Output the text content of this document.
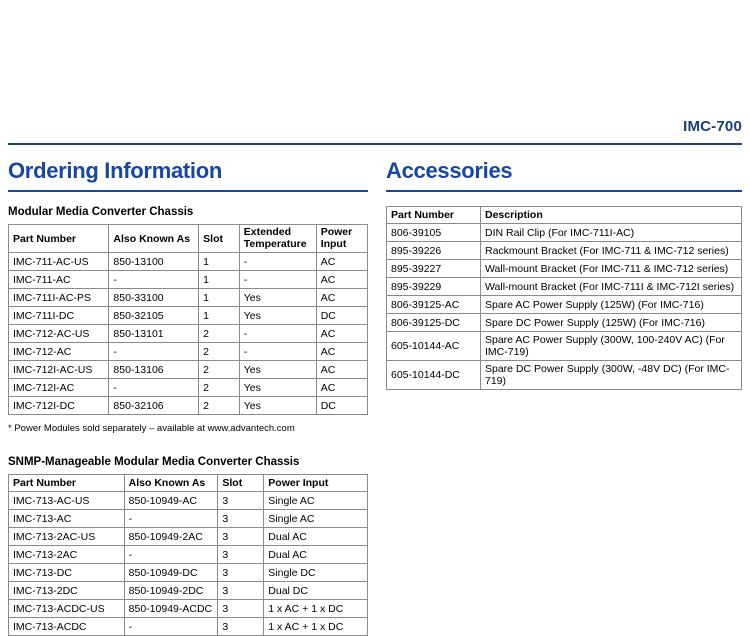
IMC-700
Ordering Information
Modular Media Converter Chassis
Part Number	Also Known As	Slot	Extended Temperature	Power Input
IMC-711-AC-US	850-13100	1	-	AC
IMC-711-AC	-	1	-	AC
IMC-711I-AC-PS	850-33100	1	Yes	AC
IMC-711I-DC	850-32105	1	Yes	DC
IMC-712-AC-US	850-13101	2	-	AC
IMC-712-AC	-	2	-	AC
IMC-712I-AC-US	850-13106	2	Yes	AC
IMC-712I-AC	-	2	Yes	AC
IMC-712I-DC	850-32106	2	Yes	DC

* Power Modules sold separately – available at www.advantech.com

SNMP-Manageable Modular Media Converter Chassis
Part Number	Also Known As	Slot	Power Input
IMC-713-AC-US	850-10949-AC	3	Single AC
IMC-713-AC	-	3	Single AC
IMC-713-2AC-US	850-10949-2AC	3	Dual AC
IMC-713-2AC	-	3	Dual AC
IMC-713-DC	850-10949-DC	3	Single DC
IMC-713-2DC	850-10949-2DC	3	Dual DC
IMC-713-ACDC-US	850-10949-ACDC	3	1 x AC + 1 x DC
IMC-713-ACDC	-	3	1 x AC + 1 x DC
Accessories
Part Number	Description
806-39105	DIN Rail Clip (For IMC-711I-AC)
895-39226	Rackmount Bracket (For IMC-711 & IMC-712 series)
895-39227	Wall-mount Bracket (For IMC-711 & IMC-712 series)
895-39229	Wall-mount Bracket (For IMC-711I & IMC-712I series)
806-39125-AC	Spare AC Power Supply (125W) (For IMC-716)
806-39125-DC	Spare DC Power Supply (125W) (For IMC-716)
605-10144-AC	Spare AC Power Supply (300W, 100-240V AC) (For IMC-719)
605-10144-DC	Spare DC Power Supply (300W, -48V DC) (For IMC-719)
